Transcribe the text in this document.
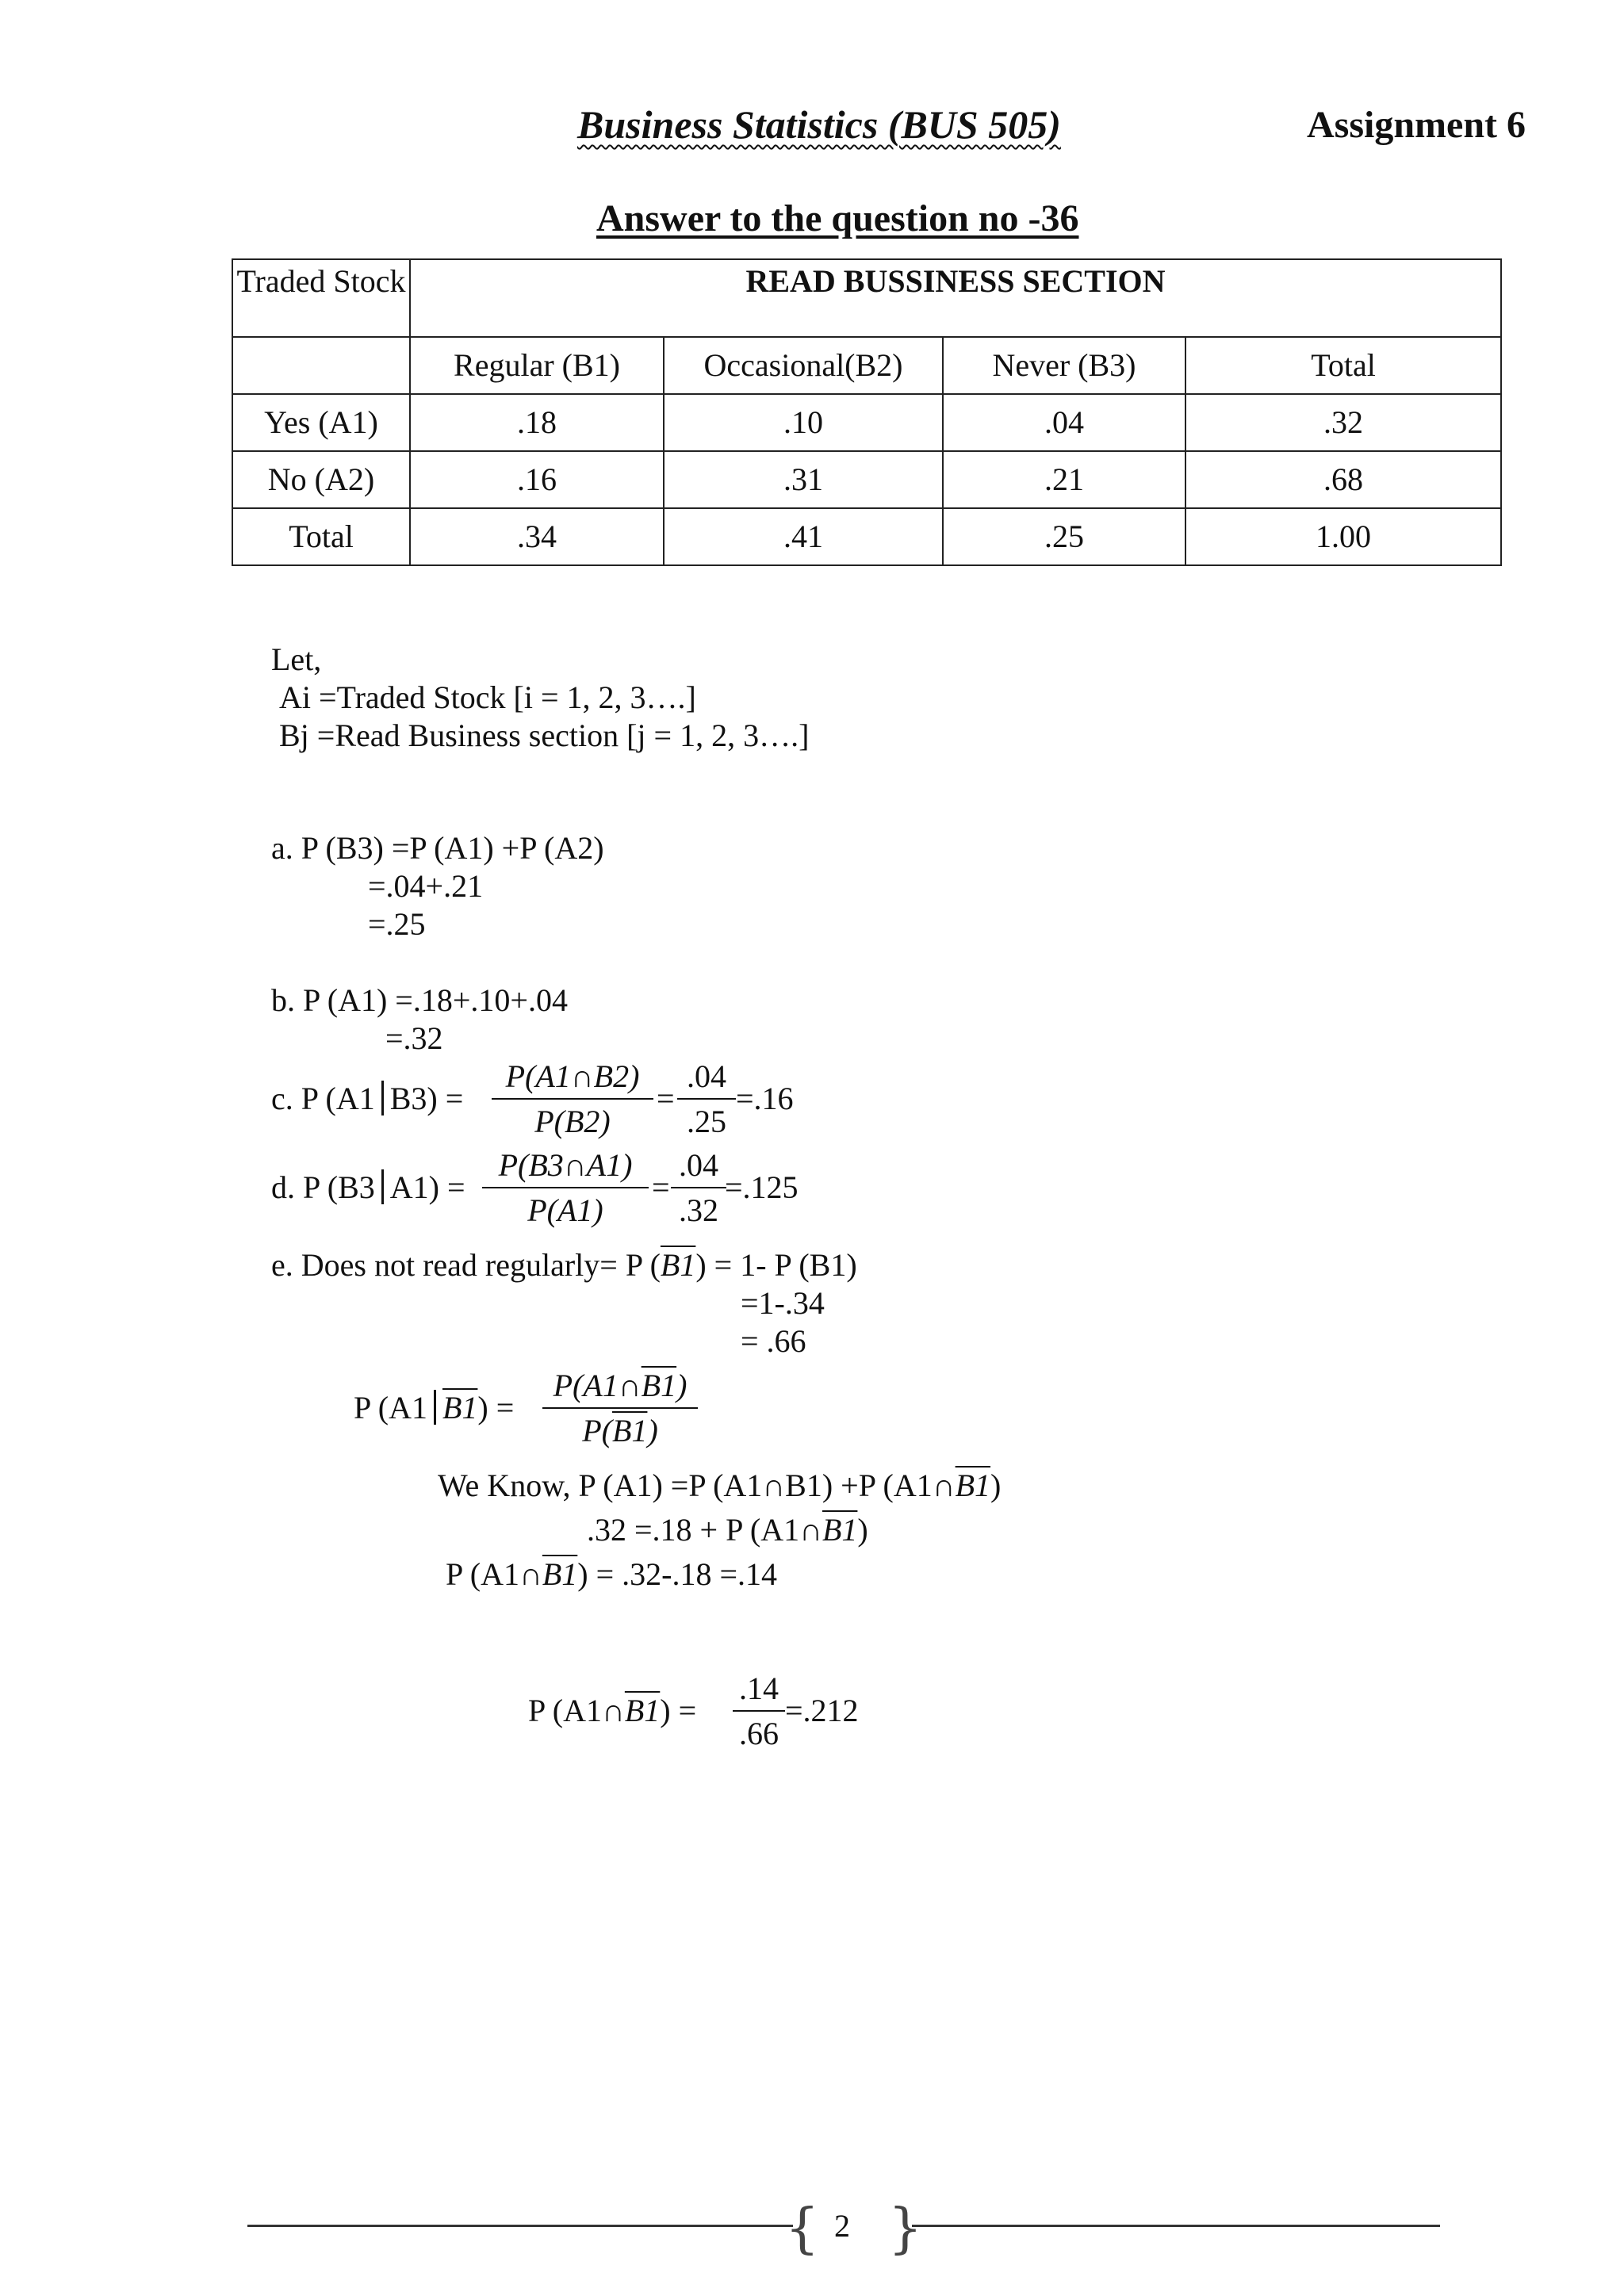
Business Statistics (BUS 505)	Assignment 6
Answer to the question no -36
Traded Stock	READ BUSSINESS SECTION			
	Regular (B1)	Occasional(B2)	Never (B3)	Total
Yes (A1)	.18	.10	.04	.32
No (A2)	.16	.31	.21	.68
Total	.34	.41	.25	1.00
Let,
Ai =Traded Stock [i = 1, 2, 3….]
Bj =Read Business section [j = 1, 2, 3….]
a. P (B3) =P (A1) +P (A2)
=.04+.21
=.25
b. P (A1) =.18+.10+.04
=.32
c. P (A1 B3) =
P(A1∩B2)
P(B2)
=
.04
.25
=.16
d. P (B3 A1) =
P(B3∩A1)
P(A1)
=
.04
.32
=.125
e. Does not read regularly= P (B1) = 1- P (B1)
=1-.34
= .66
P (A1 B1) =
P(A1∩B1)
P(B1)
We Know, P (A1) =P (A1∩B1) +P (A1∩B1)
.32 =.18 + P (A1∩B1)
P (A1∩B1) = .32-.18 =.14
P (A1∩B1) =
.14
.66
=.212
{ 2 }
